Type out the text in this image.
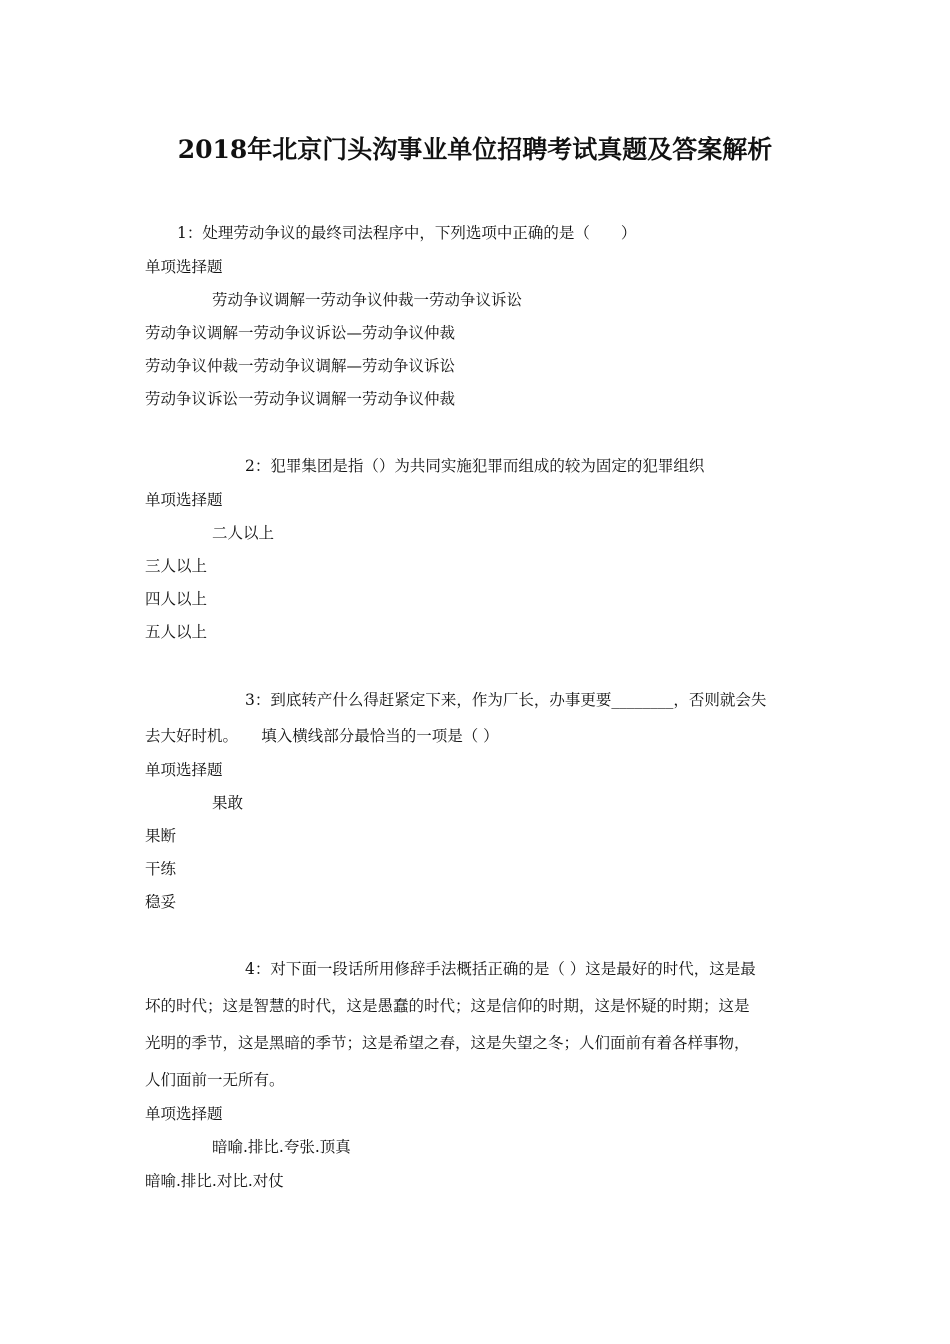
2018年北京门头沟事业单位招聘考试真题及答案解析
1：处理劳动争议的最终司法程序中，下列选项中正确的是（　　）
单项选择题
劳动争议调解一劳动争议仲裁一劳动争议诉讼
劳动争议调解一劳动争议诉讼—劳动争议仲裁
劳动争议仲裁一劳动争议调解—劳动争议诉讼
劳动争议诉讼一劳动争议调解一劳动争议仲裁
2：犯罪集团是指（）为共同实施犯罪而组成的较为固定的犯罪组织
单项选择题
二人以上
三人以上
四人以上
五人以上
3：到底转产什么得赶紧定下来，作为厂长，办事更要________，否则就会失
去大好时机。　　填入横线部分最恰当的一项是（ ）
单项选择题
果敢
果断
干练
稳妥
4：对下面一段话所用修辞手法概括正确的是（ ）这是最好的时代，这是最
坏的时代；这是智慧的时代，这是愚蠢的时代；这是信仰的时期，这是怀疑的时期；这是
光明的季节，这是黑暗的季节；这是希望之春，这是失望之冬；人们面前有着各样事物，
人们面前一无所有。
单项选择题
暗喻.排比.夸张.顶真
暗喻.排比.对比.对仗
